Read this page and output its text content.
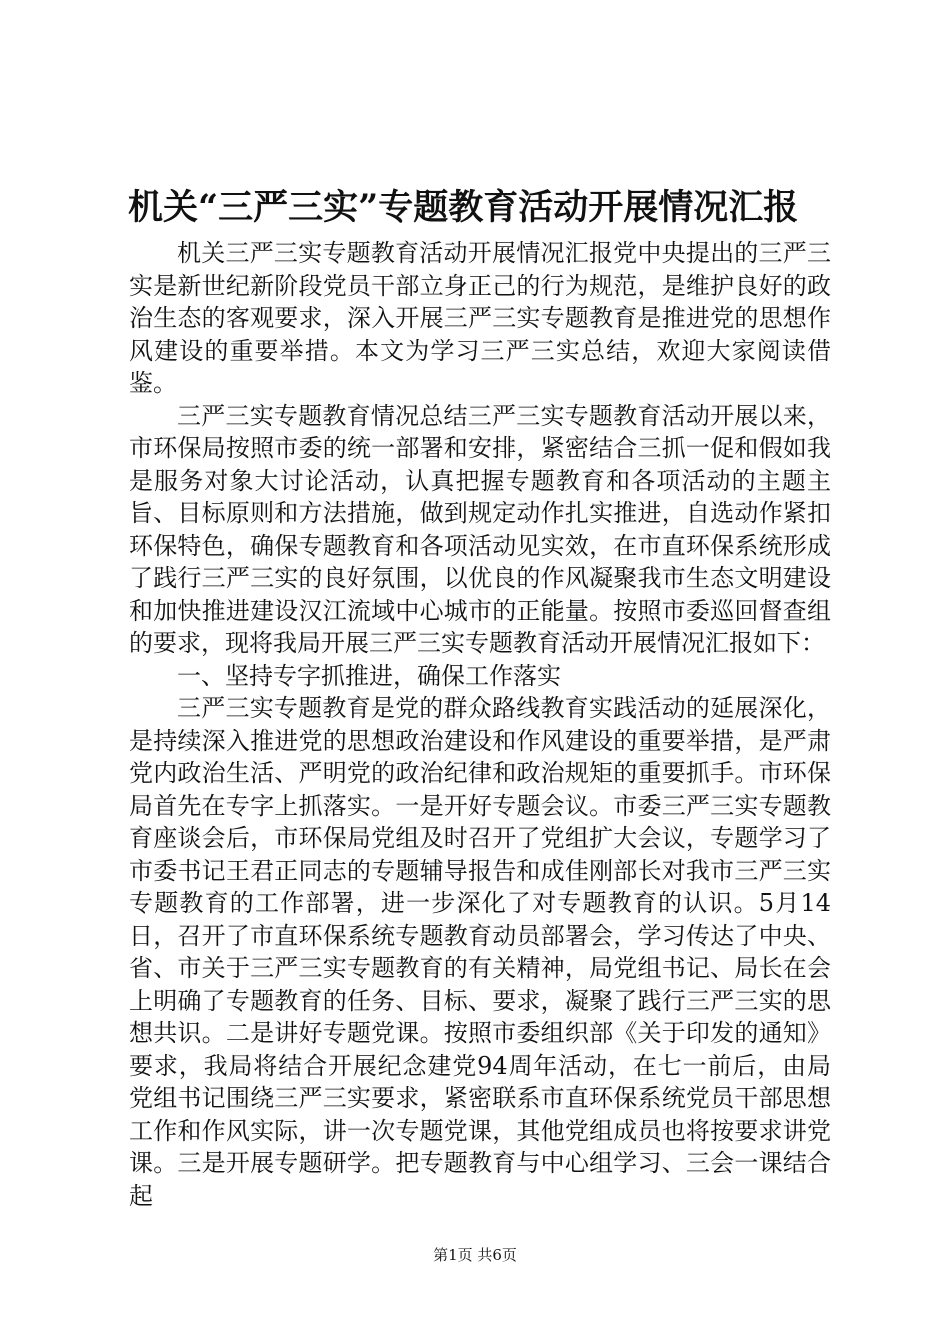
机关“三严三实”专题教育活动开展情况汇报

机关三严三实专题教育活动开展情况汇报党中央提出的三严三实是新世纪新阶段党员干部立身正己的行为规范，是维护良好的政治生态的客观要求，深入开展三严三实专题教育是推进党的思想作风建设的重要举措。本文为学习三严三实总结，欢迎大家阅读借鉴。

三严三实专题教育情况总结三严三实专题教育活动开展以来，市环保局按照市委的统一部署和安排，紧密结合三抓一促和假如我是服务对象大讨论活动，认真把握专题教育和各项活动的主题主旨、目标原则和方法措施，做到规定动作扎实推进，自选动作紧扣环保特色，确保专题教育和各项活动见实效，在市直环保系统形成了践行三严三实的良好氛围，以优良的作风凝聚我市生态文明建设和加快推进建设汉江流域中心城市的正能量。按照市委巡回督查组的要求，现将我局开展三严三实专题教育活动开展情况汇报如下：

一、坚持专字抓推进，确保工作落实

三严三实专题教育是党的群众路线教育实践活动的延展深化，是持续深入推进党的思想政治建设和作风建设的重要举措，是严肃党内政治生活、严明党的政治纪律和政治规矩的重要抓手。市环保局首先在专字上抓落实。一是开好专题会议。市委三严三实专题教育座谈会后，市环保局党组及时召开了党组扩大会议，专题学习了市委书记王君正同志的专题辅导报告和成佳刚部长对我市三严三实专题教育的工作部署，进一步深化了对专题教育的认识。5月14日，召开了市直环保系统专题教育动员部署会，学习传达了中央、省、市关于三严三实专题教育的有关精神，局党组书记、局长在会上明确了专题教育的任务、目标、要求，凝聚了践行三严三实的思想共识。二是讲好专题党课。按照市委组织部《关于印发的通知》要求，我局将结合开展纪念建党94周年活动，在七一前后，由局党组书记围绕三严三实要求，紧密联系市直环保系统党员干部思想工作和作风实际，讲一次专题党课，其他党组成员也将按要求讲党课。三是开展专题研学。把专题教育与中心组学习、三会一课结合起

第1页 共6页
